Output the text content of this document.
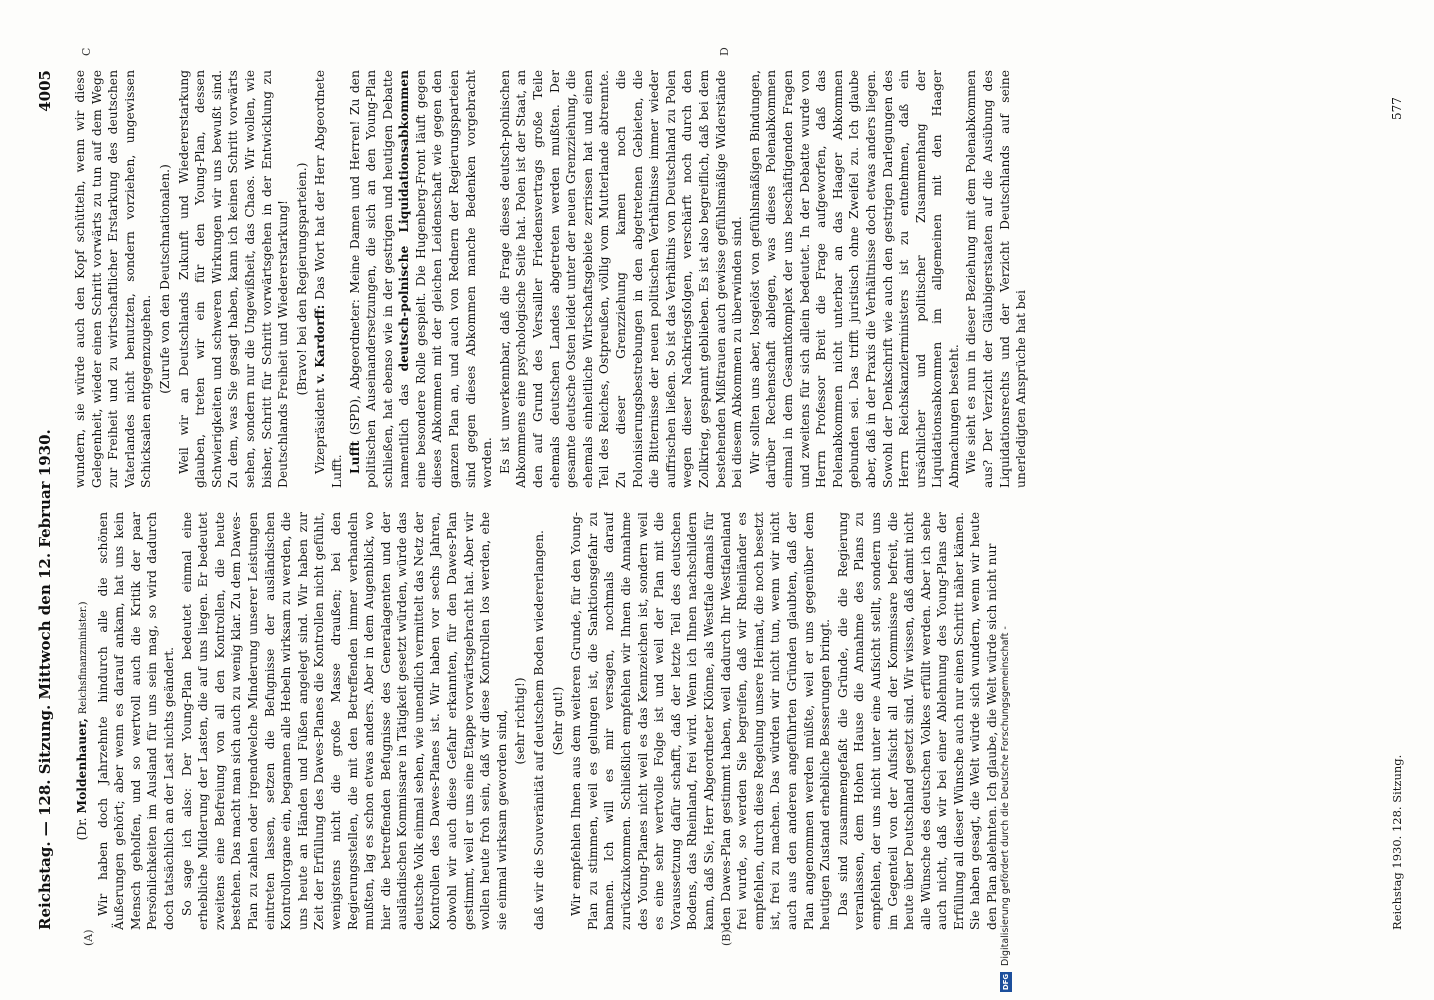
Reichstag. — 128. Sitzung. Mittwoch den 12. Februar 1930.
4005
(A)	(B)
C	D

(Dr. Moldenhauer, Reichsfinanzminister.) Wir haben doch Jahrzehnte hindurch alle die schönen Äußerungen gehört; aber wenn es darauf ankam, hat uns kein Mensch geholfen, und so wertvoll auch die Kritik der paar Persönlichkeiten im Ausland für uns sein mag, so wird dadurch doch tatsächlich an der Last nichts geändert. So sage ich also: Der Young-Plan bedeutet einmal eine erhebliche Milderung der Lasten, die auf uns liegen. Er bedeutet zweitens eine Befreiung von all den Kontrollen, die heute bestehen. Das macht man sich auch zu wenig klar. Zu dem Dawes-Plan zu zahlen oder irgendwelche Minderung unserer Leistungen eintreten lassen, setzen die Befugnisse der ausländischen Kontrollorgane ein, begannen alle Hebeln wirksam zu werden, die uns heute an Händen und Füßen angelegt sind. Wir haben zur Zeit der Erfüllung des Dawes-Planes die Kontrollen nicht gefühlt, wenigstens nicht die große Masse draußen; bei den Regierungsstellen, die mit den Betreffenden immer verhandeln mußten, lag es schon etwas anders. Aber in dem Augenblick, wo hier die betreffenden Befugnisse des Generalagenten und der ausländischen Kommissare in Tätigkeit gesetzt würden, würde das deutsche Volk einmal sehen, wie unendlich vermittelt das Netz der Kontrollen des Dawes-Planes ist. Wir haben vor sechs Jahren, obwohl wir auch diese Gefahr erkannten, für den Dawes-Plan gestimmt, weil er uns eine Etappe vorwärtsgebracht hat. Aber wir wollen heute froh sein, daß wir diese Kontrollen los werden, ehe sie einmal wirksam geworden sind, (sehr richtig!) daß wir die Souveränität auf deutschem Boden wiedererlangen. (Sehr gut!) Wir empfehlen Ihnen aus dem weiteren Grunde, für den Young-Plan zu stimmen, weil es gelungen ist, die Sanktionsgefahr zu bannen. Ich will es mir versagen, nochmals darauf zurückzukommen. Schließlich empfehlen wir Ihnen die Annahme des Young-Planes nicht weil es das Kennzeichen ist, sondern weil es eine sehr wertvolle Folge ist und weil der Plan mit die Voraussetzung dafür schafft, daß der letzte Teil des deutschen Bodens, das Rheinland, frei wird. Wenn ich Ihnen nachschildern kann, daß Sie, Herr Abgeordneter Klönne, als Westfale damals für den Dawes-Plan gestimmt haben, weil dadurch Ihr Westfalenland frei wurde, so werden Sie begreifen, daß wir Rheinländer es empfehlen, durch diese Regelung unsere Heimat, die noch besetzt ist, frei zu machen. Das würden wir nicht tun, wenn wir nicht auch aus den anderen angeführten Gründen glaubten, daß der Plan angenommen werden müßte, weil er uns gegenüber dem heutigen Zustand erhebliche Besserungen bringt. Das sind zusammengefaßt die Gründe, die die Regierung veranlassen, dem Hohen Hause die Annahme des Plans zu empfehlen, der uns nicht unter eine Aufsicht stellt, sondern uns im Gegenteil von der Aufsicht all der Kommissare befreit, die heute über Deutschland gesetzt sind. Wir wissen, daß damit nicht alle Wünsche des deutschen Volkes erfüllt werden. Aber ich sehe auch nicht, daß wir bei einer Ablehnung des Young-Plans der Erfüllung all dieser Wünsche auch nur einen Schritt näher kämen. Sie haben gesagt, die Welt würde sich wundern, wenn wir heute den Plan ablehnten. Ich glaube, die Welt würde sich nicht nur

wundern, sie würde auch den Kopf schütteln, wenn wir diese Gelegenheit, wieder einen Schritt vorwärts zu tun auf dem Wege zur Freiheit und zu wirtschaftlicher Erstarkung des deutschen Vaterlandes nicht benutzten, sondern vorziehen, ungewissen Schicksalen entgegenzugehen. (Zurufe von den Deutschnationalen.) Weil wir an Deutschlands Zukunft und Wiedererstarkung glauben, treten wir ein für den Young-Plan, dessen Schwierigkeiten und schweren Wirkungen wir uns bewußt sind. Zu dem, was Sie gesagt haben, kann ich keinen Schritt vorwärts sehen, sondern nur die Ungewißheit, das Chaos. Wir wollen, wie bisher, Schritt für Schritt vorwärtsgehen in der Entwicklung zu Deutschlands Freiheit und Wiedererstarkung! (Bravo! bei den Regierungsparteien.)

Vizepräsident v. Kardorff: Das Wort hat der Herr Abgeordnete Lufft. Lufft (SPD), Abgeordneter: Meine Damen und Herren! Zu den politischen Auseinandersetzungen, die sich an den Young-Plan schließen, hat ebenso wie in der gestrigen und heutigen Debatte namentlich das deutsch-polnische Liquidationsabkommen eine besondere Rolle gespielt. Die Hugenberg-Front läuft gegen dieses Abkommen mit der gleichen Leidenschaft wie gegen den ganzen Plan an, und auch von Rednern der Regierungsparteien sind gegen dieses Abkommen manche Bedenken vorgebracht worden. Es ist unverkennbar, daß die Frage dieses deutsch-polnischen Abkommens eine psychologische Seite hat. Polen ist der Staat, an den auf Grund des Versailler Friedensvertrags große Teile ehemals deutschen Landes abgetreten werden mußten. Der gesamte deutsche Osten leidet unter der neuen Grenzziehung, die ehemals einheitliche Wirtschaftsgebiete zerrissen hat und einen Teil des Reiches, Ostpreußen, völlig vom Mutterlande abtrennte. Zu dieser Grenzziehung kamen noch die Polonisierungsbestrebungen in den abgetretenen Gebieten, die die Bitternisse der neuen politischen Verhältnisse immer wieder auffrischen ließen. So ist das Verhältnis von Deutschland zu Polen wegen dieser Nachkriegsfolgen, verschärft noch durch den Zollkrieg, gespannt geblieben. Es ist also begreiflich, daß bei dem bestehenden Mißtrauen auch gewisse gefühlsmäßige Widerstände bei diesem Abkommen zu überwinden sind. Wir sollten uns aber, losgelöst von gefühlsmäßigen Bindungen, darüber Rechenschaft ablegen, was dieses Polenabkommen einmal in dem Gesamtkomplex der uns beschäftigenden Fragen und zweitens für sich allein bedeutet. In der Debatte wurde von Herrn Professor Breit die Frage aufgeworfen, daß das Polenabkommen nicht unterbar an das Haager Abkommen gebunden sei. Das trifft juristisch ohne Zweifel zu. Ich glaube aber, daß in der Praxis die Verhältnisse doch etwas anders liegen. Sowohl der Denkschrift wie auch den gestrigen Darlegungen des Herrn Reichskanzlerministers ist zu entnehmen, daß ein ursächlicher und politischer Zusammenhang der Liquidationsabkommen im allgemeinen mit den Haager Abmachungen besteht. Wie sieht es nun in dieser Beziehung mit dem Polenabkommen aus? Der Verzicht der Gläubigerstaaten auf die Ausübung des Liquidationsrechts und der Verzicht Deutschlands auf seine unerledigten Ansprüche hat bei

Reichstag 1930. 128. Sitzung.
577
DFG
Digitalisierung gefördert durch die Deutsche Forschungsgemeinschaft -
